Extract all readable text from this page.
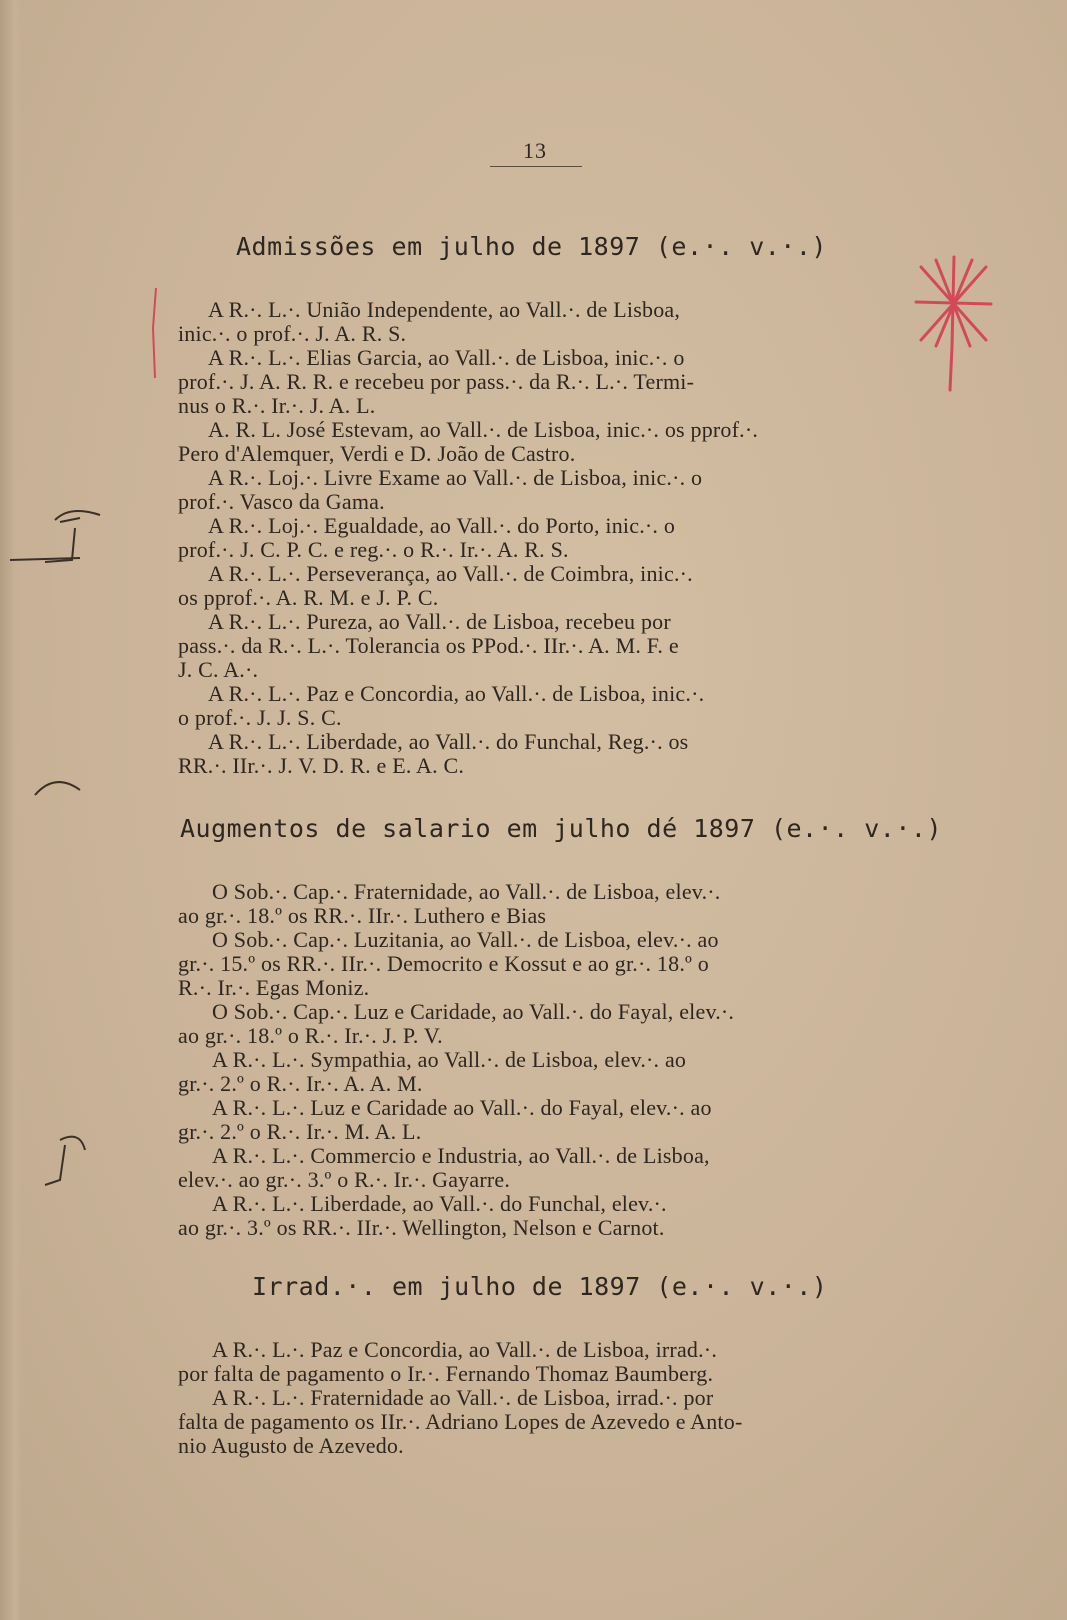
13
Admissões em julho de 1897 (e.·. v.·.)
A R.·. L.·. União Independente, ao Vall.·. de Lisboa,
inic.·. o prof.·. J. A. R. S.
A R.·. L.·. Elias Garcia, ao Vall.·. de Lisboa, inic.·. o
prof.·. J. A. R. R. e recebeu por pass.·. da R.·. L.·. Termi-
nus o R.·. Ir.·. J. A. L.
A. R. L. José Estevam, ao Vall.·. de Lisboa, inic.·. os pprof.·.
Pero d'Alemquer, Verdi e D. João de Castro.
A R.·. Loj.·. Livre Exame ao Vall.·. de Lisboa, inic.·. o
prof.·. Vasco da Gama.
A R.·. Loj.·. Egualdade, ao Vall.·. do Porto, inic.·. o
prof.·. J. C. P. C. e reg.·. o R.·. Ir.·. A. R. S.
A R.·. L.·. Perseverança, ao Vall.·. de Coimbra, inic.·.
os pprof.·. A. R. M. e J. P. C.
A R.·. L.·. Pureza, ao Vall.·. de Lisboa, recebeu por
pass.·. da R.·. L.·. Tolerancia os PPod.·. IIr.·. A. M. F. e
J. C. A.·.
A R.·. L.·. Paz e Concordia, ao Vall.·. de Lisboa, inic.·.
o prof.·. J. J. S. C.
A R.·. L.·. Liberdade, ao Vall.·. do Funchal, Reg.·. os
RR.·. IIr.·. J. V. D. R. e E. A. C.
Augmentos de salario em julho dé 1897 (e.·. v.·.)
O Sob.·. Cap.·. Fraternidade, ao Vall.·. de Lisboa, elev.·.
ao gr.·. 18.º os RR.·. IIr.·. Luthero e Bias
O Sob.·. Cap.·. Luzitania, ao Vall.·. de Lisboa, elev.·. ao
gr.·. 15.º os RR.·. IIr.·. Democrito e Kossut e ao gr.·. 18.º o
R.·. Ir.·. Egas Moniz.
O Sob.·. Cap.·. Luz e Caridade, ao Vall.·. do Fayal, elev.·.
ao gr.·. 18.º o R.·. Ir.·. J. P. V.
A R.·. L.·. Sympathia, ao Vall.·. de Lisboa, elev.·. ao
gr.·. 2.º o R.·. Ir.·. A. A. M.
A R.·. L.·. Luz e Caridade ao Vall.·. do Fayal, elev.·. ao
gr.·. 2.º o R.·. Ir.·. M. A. L.
A R.·. L.·. Commercio e Industria, ao Vall.·. de Lisboa,
elev.·. ao gr.·. 3.º o R.·. Ir.·. Gayarre.
A R.·. L.·. Liberdade, ao Vall.·. do Funchal, elev.·.
ao gr.·. 3.º os RR.·. IIr.·. Wellington, Nelson e Carnot.
Irrad.·. em julho de 1897 (e.·. v.·.)
A R.·. L.·. Paz e Concordia, ao Vall.·. de Lisboa, irrad.·.
por falta de pagamento o Ir.·. Fernando Thomaz Baumberg.
A R.·. L.·. Fraternidade ao Vall.·. de Lisboa, irrad.·. por
falta de pagamento os IIr.·. Adriano Lopes de Azevedo e Anto-
nio Augusto de Azevedo.
